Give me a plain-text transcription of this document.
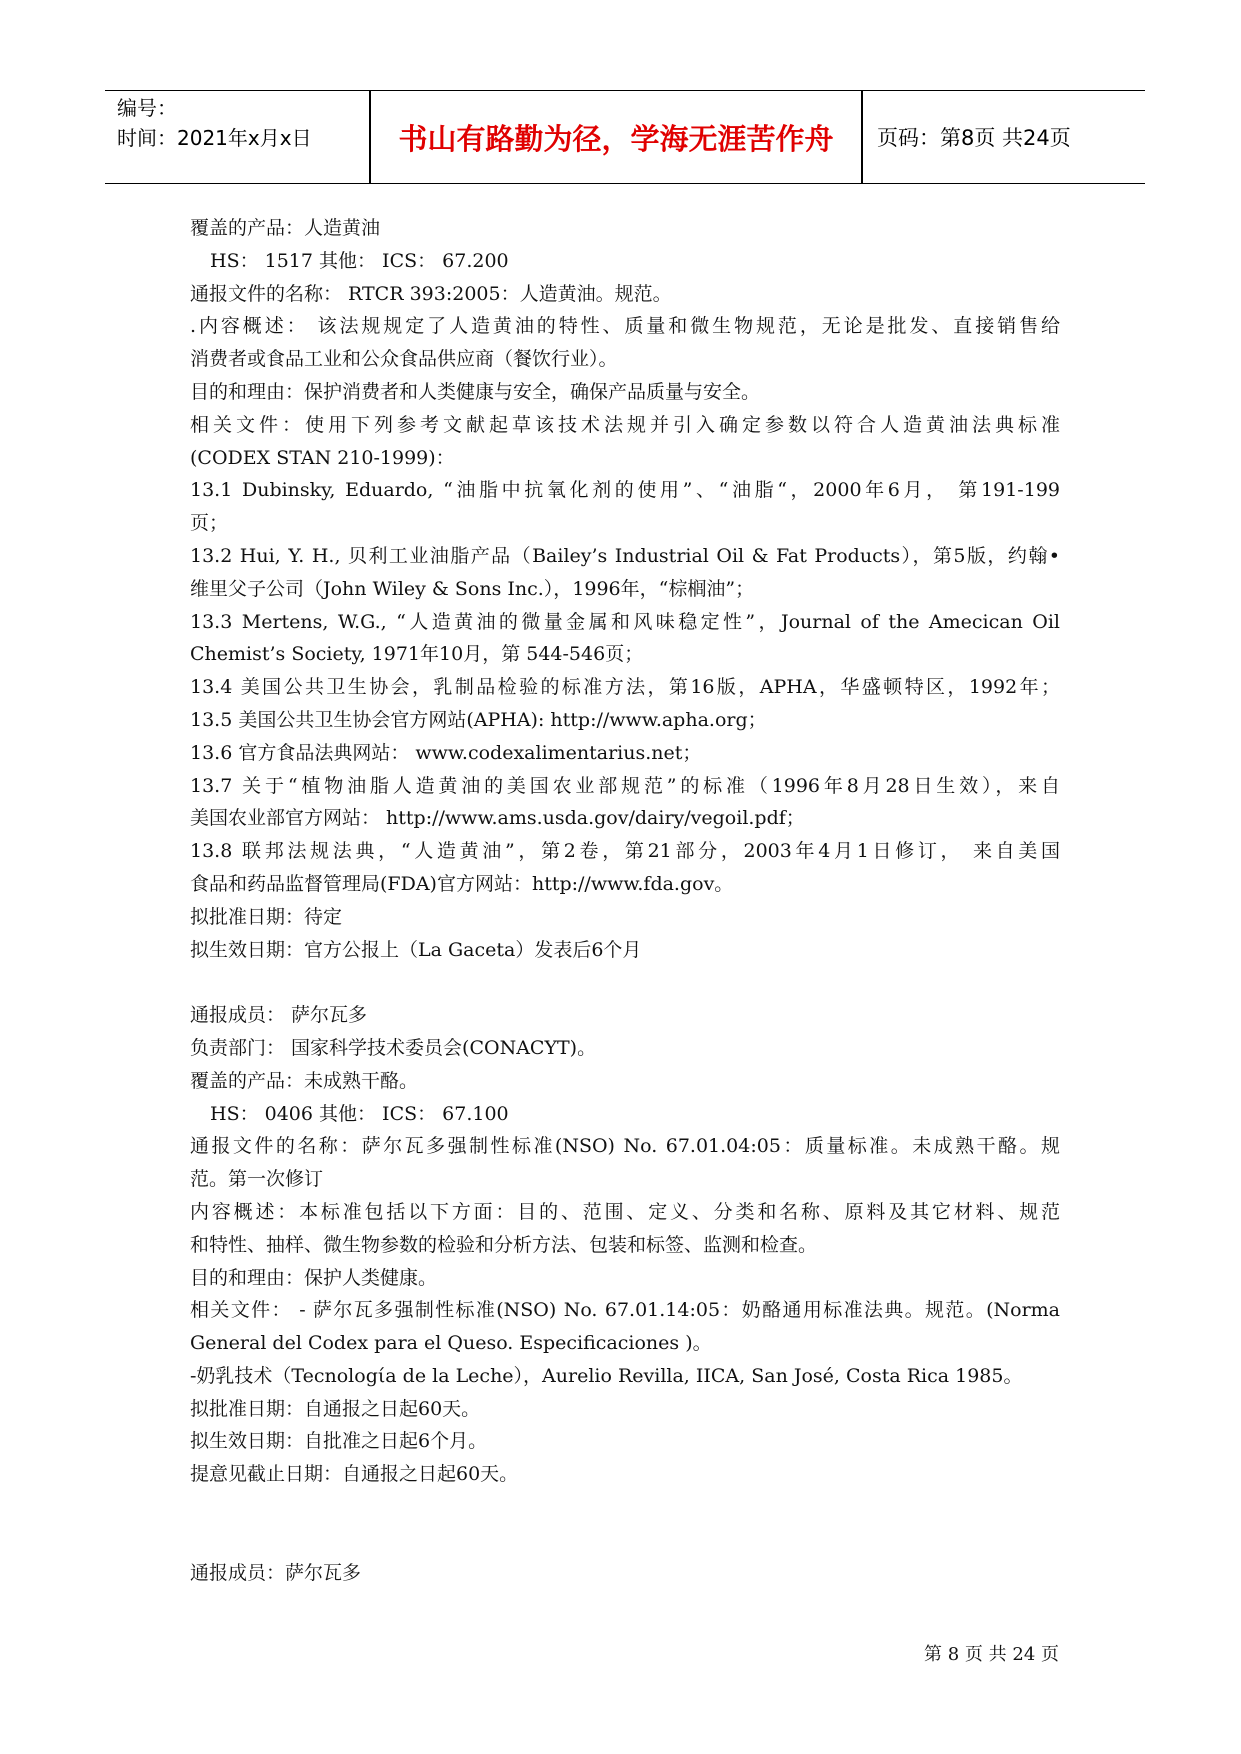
编号：
时间：2021年x月x日	书山有路勤为径，学海无涯苦作舟	页码：第8页 共24页
覆盖的产品：人造黄油
HS： 1517 其他： ICS： 67.200
通报文件的名称： RTCR 393:2005：人造黄油。规范。
.内容概述： 该法规规定了人造黄油的特性、质量和微生物规范，无论是批发、直接销售给
消费者或食品工业和公众食品供应商（餐饮行业）。
目的和理由：保护消费者和人类健康与安全，确保产品质量与安全。
相关文件：使用下列参考文献起草该技术法规并引入确定参数以符合人造黄油法典标准
(CODEX STAN 210-1999)：
13.1 Dubinsky, Eduardo, “油脂中抗氧化剂的使用”、“油脂“，2000年6月， 第191-199
页；
13.2 Hui, Y. H., 贝利工业油脂产品（Bailey’s Industrial Oil & Fat Products），第5版，约翰•
维里父子公司（John Wiley & Sons Inc.），1996年，“棕榈油”；
13.3 Mertens, W.G., “人造黄油的微量金属和风味稳定性”，Journal of the Amecican Oil
Chemist’s Society, 1971年10月，第 544-546页；
13.4 美国公共卫生协会，乳制品检验的标准方法，第16版，APHA，华盛顿特区，1992年；
13.5 美国公共卫生协会官方网站(APHA): http://www.apha.org；
13.6 官方食品法典网站： www.codexalimentarius.net；
13.7 关于“植物油脂人造黄油的美国农业部规范”的标准（1996年8月28日生效），来自
美国农业部官方网站： http://www.ams.usda.gov/dairy/vegoil.pdf；
13.8 联邦法规法典，“人造黄油”，第2卷，第21部分，2003年4月1日修订， 来自美国
食品和药品监督管理局(FDA)官方网站：http://www.fda.gov。
拟批准日期：待定
拟生效日期：官方公报上（La Gaceta）发表后6个月
通报成员： 萨尔瓦多
负责部门： 国家科学技术委员会(CONACYT)。
覆盖的产品：未成熟干酪。
HS： 0406 其他： ICS： 67.100
通报文件的名称：萨尔瓦多强制性标准(NSO) No. 67.01.04:05：质量标准。未成熟干酪。规
范。第一次修订
内容概述：本标准包括以下方面：目的、范围、定义、分类和名称、原料及其它材料、规范
和特性、抽样、微生物参数的检验和分析方法、包装和标签、监测和检查。
目的和理由：保护人类健康。
相关文件： - 萨尔瓦多强制性标准(NSO) No. 67.01.14:05：奶酪通用标准法典。规范。(Norma
General del Codex para el Queso. Especificaciones )。
-奶乳技术（Tecnologίa de la Leche），Aurelio Revilla, IICA, San José, Costa Rica 1985。
拟批准日期：自通报之日起60天。
拟生效日期：自批准之日起6个月。
提意见截止日期：自通报之日起60天。
通报成员：萨尔瓦多
第 8 页 共 24 页
